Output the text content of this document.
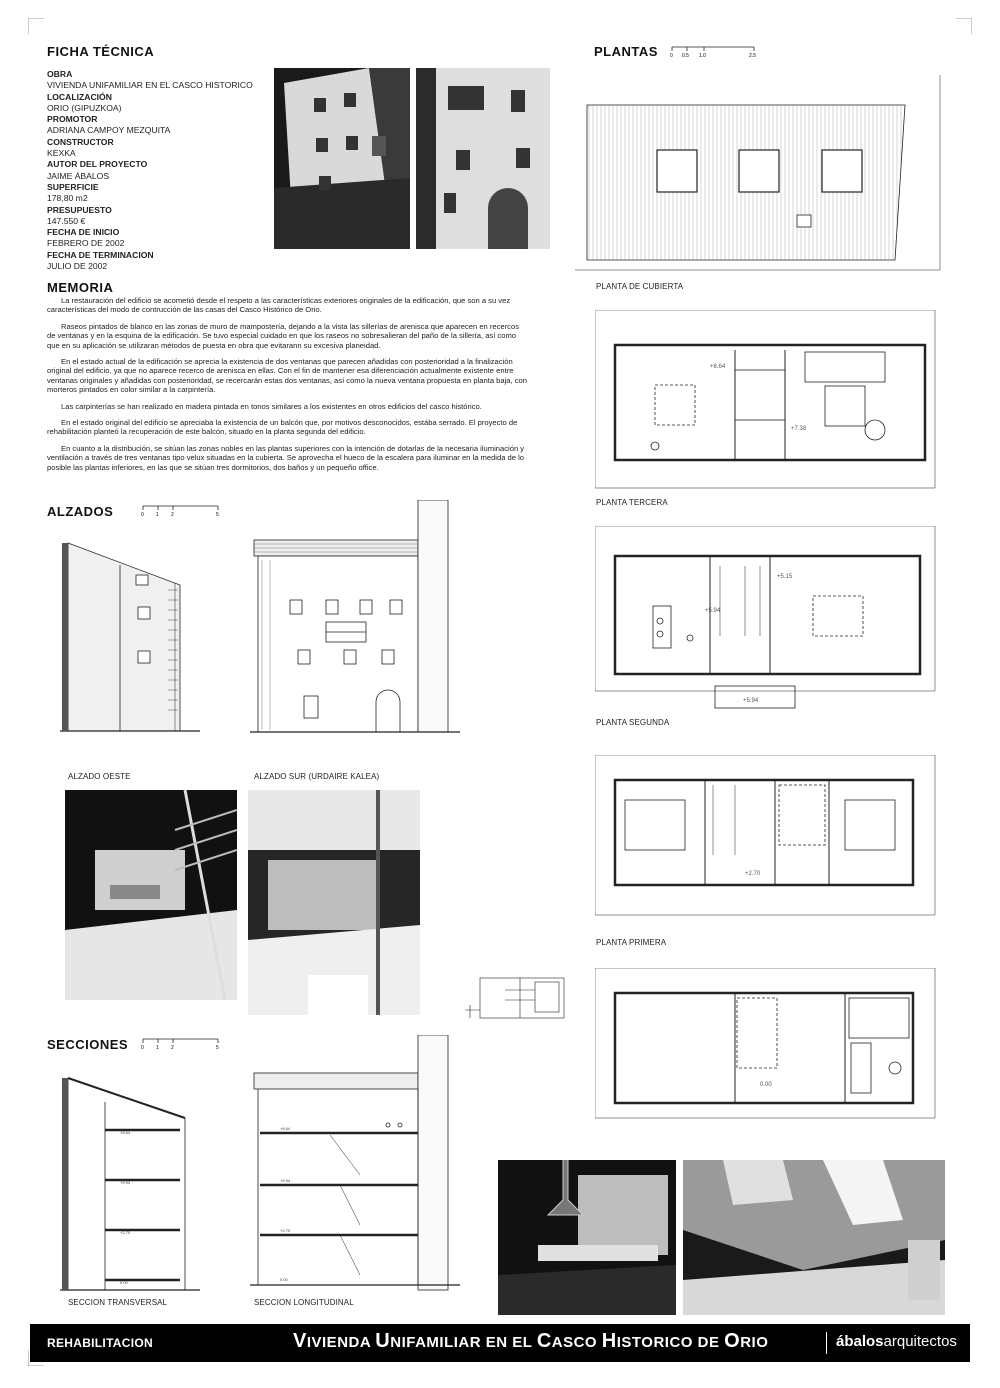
FICHA TÉCNICA
OBRA
VIVIENDA UNIFAMILIAR EN EL CASCO HISTORICO
LOCALIZACIÓN
ORIO (GIPUZKOA)
PROMOTOR
ADRIANA CAMPOY MEZQUITA
CONSTRUCTOR
KEXKA
AUTOR DEL PROYECTO
JAIME ÁBALOS
SUPERFICIE
178,80 m2
PRESUPUESTO
147.550 €
FECHA DE INICIO
FEBRERO DE 2002
FECHA DE TERMINACION
JULIO DE 2002
MEMORIA

La restauración del edificio se acometió desde el respeto a las características exteriores originales de la edificación, que son a su vez características del modo de contrucción de las casas del Casco Histórico de Orio.

Raseos pintados de blanco en las zonas de muro de mampostería, dejando a la vista las sillerías de arenisca que aparecen en recercos de ventanas y en la esquina de la edificación. Se tuvo especial cuidado en que los raseos no sobresalieran del paño de la sillería, así como que en su aplicación se utilizaran métodos de puesta en obra que evitarann su excesiva planeidad.

En el estado actual de la edificación se aprecia la existencia de dos ventanas que parecen añadidas con posterioridad a la finalización original del edificio, ya que no aparece recerco de arenisca en ellas. Con el fin de mantener esa diferenciación actualmente existente entre ventanas originales y añadidas con posterioridad, se recercarán estas dos ventanas, así como la nueva ventana propuesta en planta baja, con morteros pintados en color similar a la carpintería.

Las carpinterías se han realizado en madera pintada en tonos similares a los existentes en otros edificios del casco histórico.

En el estado original del edificio se apreciaba la existencia de un balcón que, por motivos desconocidos, estába serrado. El proyecto de rehabilitación planteó la recuperación de este balcón, situado en la planta segunda del edificio.

En cuanto a la distribución, se sitúan las zonas nobles en las plantas superiores con la intención de dotarlas de la necesaria iluminación y ventilación a través de tres ventanas tipo velux situadas en la cubierta. Se aprovecha el hueco de la escalera para iluminar en la medida de lo posible las plantas inferiores, en las que se sitúan tres dormitorios, dos baños y un pequeño office.

ALZADOS	0 1 2	5
ALZADO OESTE	ALZADO SUR (URDAIRE KALEA)
SECCIONES	0 1 2	5
+8.64
+5.94
+2.70
0.00
SECCION TRANSVERSAL
+8.64
+5.94
+2.70
0.00
SECCION LONGITUDINAL
PLANTAS 0 0.5 1.0	2.5
PLANTA DE CUBIERTA
+8.64
+7.38
PLANTA TERCERA
+5.15
+5.94
+5.94
PLANTA SEGUNDA
+2.70
PLANTA PRIMERA
0.00
REHABILITACION	VIVIENDA UNIFAMILIAR EN EL CASCO HISTORICO DE ORIO	ábalosarquitectos
